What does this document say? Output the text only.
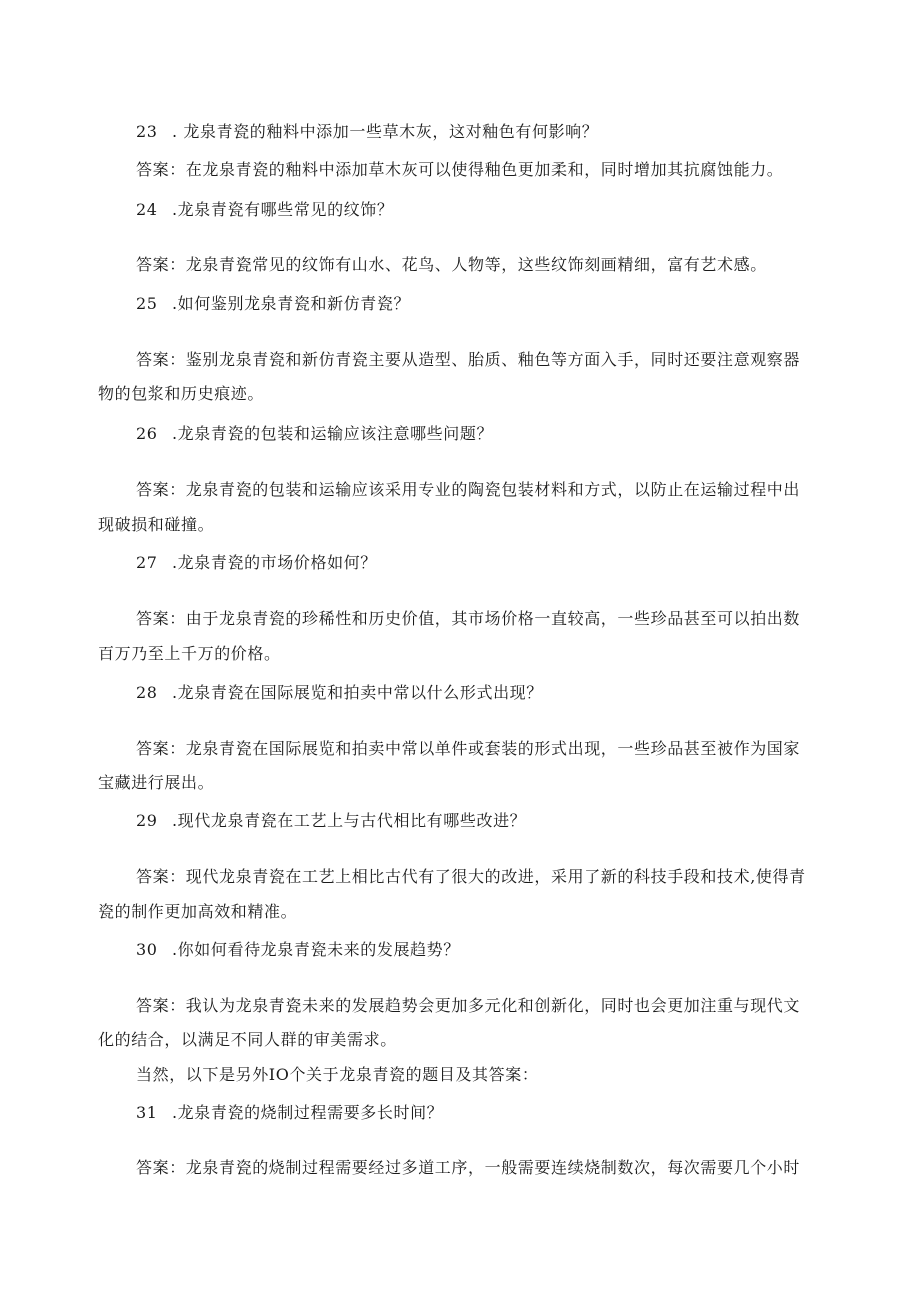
23 . 龙泉青瓷的釉料中添加一些草木灰，这对釉色有何影响？
答案：在龙泉青瓷的釉料中添加草木灰可以使得釉色更加柔和，同时增加其抗腐蚀能力。
24 .龙泉青瓷有哪些常见的纹饰？
答案：龙泉青瓷常见的纹饰有山水、花鸟、人物等，这些纹饰刻画精细，富有艺术感。
25 .如何鉴别龙泉青瓷和新仿青瓷？
答案：鉴别龙泉青瓷和新仿青瓷主要从造型、胎质、釉色等方面入手，同时还要注意观察器
物的包浆和历史痕迹。
26 .龙泉青瓷的包装和运输应该注意哪些问题？
答案：龙泉青瓷的包装和运输应该采用专业的陶瓷包装材料和方式，以防止在运输过程中出
现破损和碰撞。
27 .龙泉青瓷的市场价格如何？
答案：由于龙泉青瓷的珍稀性和历史价值，其市场价格一直较高，一些珍品甚至可以拍出数
百万乃至上千万的价格。
28 .龙泉青瓷在国际展览和拍卖中常以什么形式出现？
答案：龙泉青瓷在国际展览和拍卖中常以单件或套装的形式出现，一些珍品甚至被作为国家
宝藏进行展出。
29 .现代龙泉青瓷在工艺上与古代相比有哪些改进？
答案：现代龙泉青瓷在工艺上相比古代有了很大的改进，采用了新的科技手段和技术,使得青
瓷的制作更加高效和精准。
30 .你如何看待龙泉青瓷未来的发展趋势？
答案：我认为龙泉青瓷未来的发展趋势会更加多元化和创新化，同时也会更加注重与现代文
化的结合，以满足不同人群的审美需求。
当然，以下是另外IO个关于龙泉青瓷的题目及其答案：
31 .龙泉青瓷的烧制过程需要多长时间？
答案：龙泉青瓷的烧制过程需要经过多道工序，一般需要连续烧制数次，每次需要几个小时
